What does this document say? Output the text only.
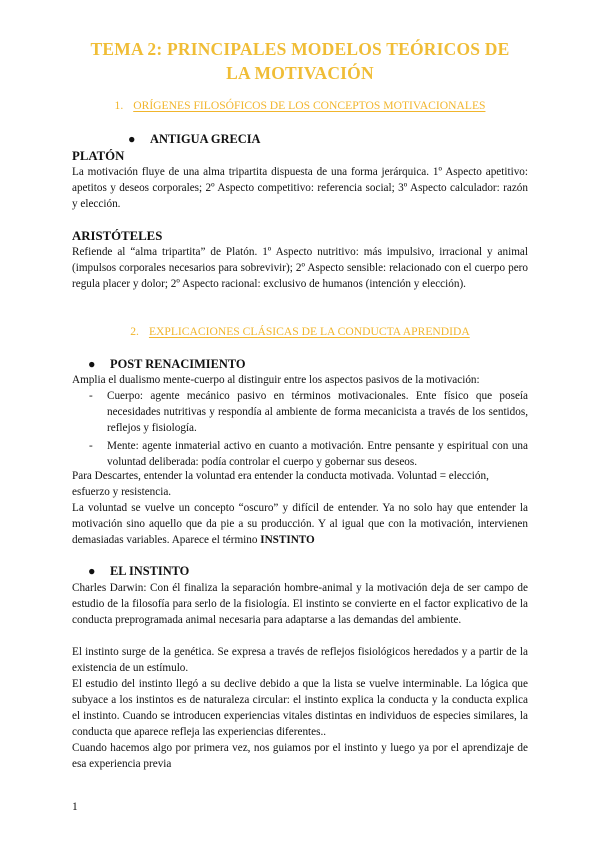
TEMA 2: PRINCIPALES MODELOS TEÓRICOS DE
LA MOTIVACIÓN
1. ORÍGENES FILOSÓFICOS DE LOS CONCEPTOS MOTIVACIONALES
● ANTIGUA GRECIA
PLATÓN
La motivación fluye de una alma tripartita dispuesta de una forma jerárquica. 1º Aspecto apetitivo: apetitos y deseos corporales; 2º Aspecto competitivo: referencia social; 3º Aspecto calculador: razón y elección.
ARISTÓTELES
Refiende al “alma tripartita” de Platón. 1º Aspecto nutritivo: más impulsivo, irracional y animal (impulsos corporales necesarios para sobrevivir); 2º Aspecto sensible: relacionado con el cuerpo pero regula placer y dolor; 2º Aspecto racional: exclusivo de humanos (intención y elección).
2. EXPLICACIONES CLÁSICAS DE LA CONDUCTA APRENDIDA
● POST RENACIMIENTO
Amplia el dualismo mente-cuerpo al distinguir entre los aspectos pasivos de la motivación:
- Cuerpo: agente mecánico pasivo en términos motivacionales. Ente físico que poseía necesidades nutritivas y respondía al ambiente de forma mecanicista a través de los sentidos, reflejos y fisiología.
- Mente: agente inmaterial activo en cuanto a motivación. Entre pensante y espiritual con una voluntad deliberada: podía controlar el cuerpo y gobernar sus deseos.
Para Descartes, entender la voluntad era entender la conducta motivada. Voluntad = elección, esfuerzo y resistencia.
La voluntad se vuelve un concepto “oscuro” y difícil de entender. Ya no solo hay que entender la motivación sino aquello que da pie a su producción. Y al igual que con la motivación, intervienen demasiadas variables. Aparece el término INSTINTO
● EL INSTINTO
Charles Darwin: Con él finaliza la separación hombre-animal y la motivación deja de ser campo de estudio de la filosofía para serlo de la fisiología. El instinto se convierte en el factor explicativo de la conducta preprogramada animal necesaria para adaptarse a las demandas del ambiente.
El instinto surge de la genética. Se expresa a través de reflejos fisiológicos heredados y a partir de la existencia de un estímulo.
El estudio del instinto llegó a su declive debido a que la lista se vuelve interminable. La lógica que subyace a los instintos es de naturaleza circular: el instinto explica la conducta y la conducta explica el instinto. Cuando se introducen experiencias vitales distintas en individuos de especies similares, la conducta que aparece refleja las experiencias diferentes..
Cuando hacemos algo por primera vez, nos guiamos por el instinto y luego ya por el aprendizaje de esa experiencia previa
1
